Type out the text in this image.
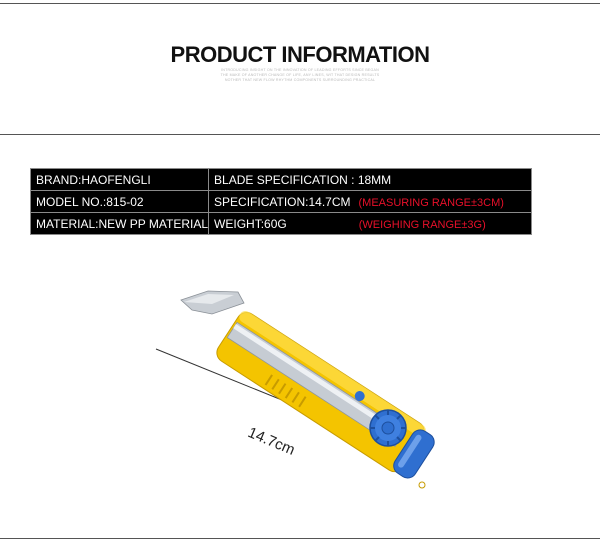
PRODUCT INFORMATION
INTRODUCING INSIGHT ON THE INNOVATION OF LEADING EFFORTS SINCE BEGAN
THE MAKE OF ANOTHER CHANGE OF LIFE, ANY LINES, WIT THAT DESIGN RESULTS
NOTHER THAT NEW FLOW RHYTHM COMPONENTS SURROUNDING PRACTICAL
BRAND:HAOFENGLI	BLADE SPECIFICATION : 18MM
MODEL NO.:815-02	SPECIFICATION:14.7CM (MEASURING RANGE±3CM)
MATERIAL:NEW PP MATERIAL	WEIGHT:60G (WEIGHING RANGE±3G)
14.7cm
